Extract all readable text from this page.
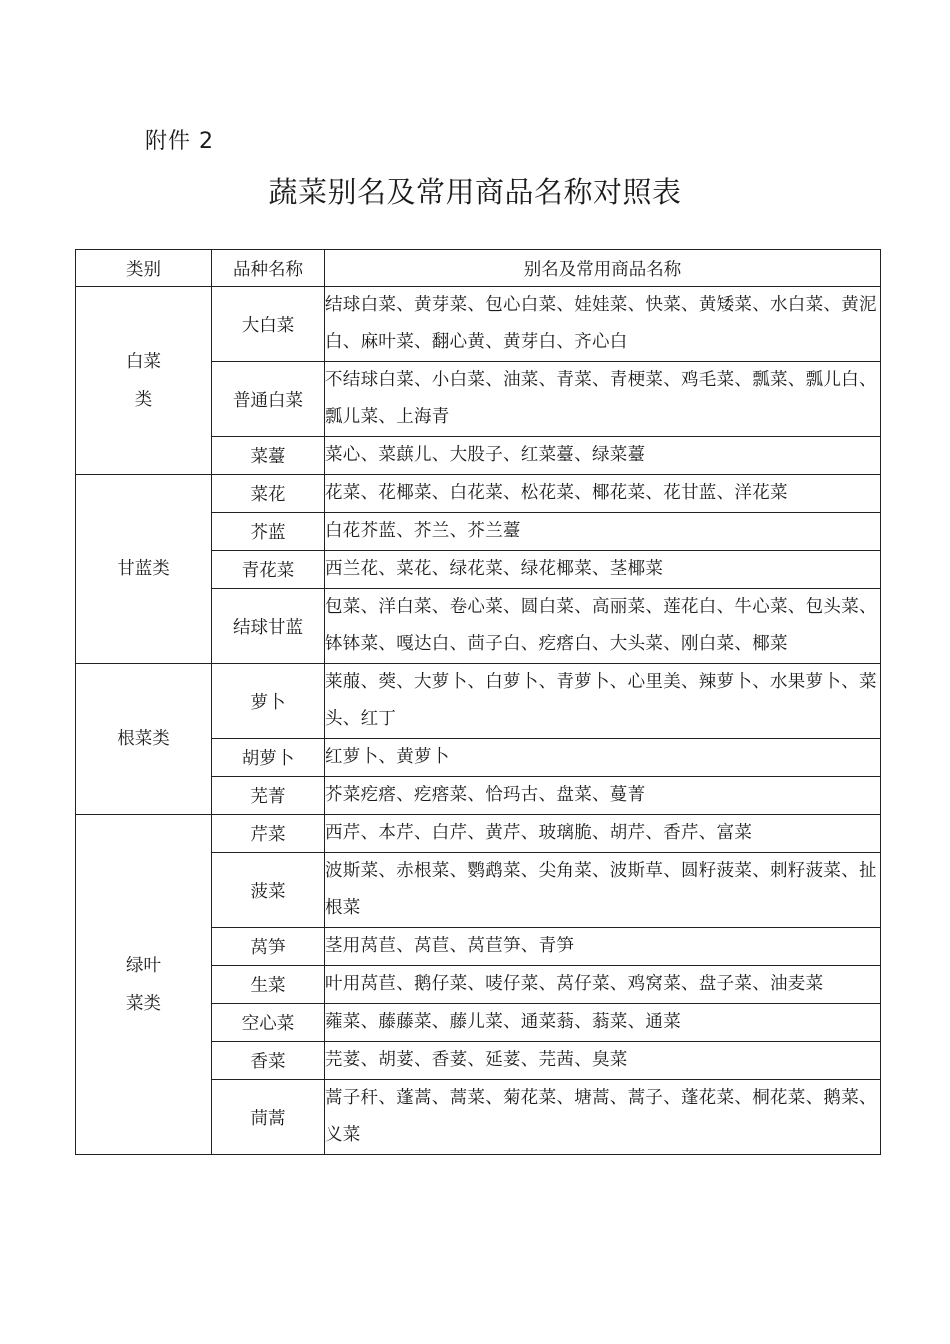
附件 2
蔬菜别名及常用商品名称对照表
类别	品种名称	别名及常用商品名称
白菜类	大白菜	结球白菜、黄芽菜、包心白菜、娃娃菜、快菜、黄矮菜、水白菜、黄泥白、麻叶菜、翻心黄、黄芽白、齐心白
	普通白菜	不结球白菜、小白菜、油菜、青菜、青梗菜、鸡毛菜、瓢菜、瓢儿白、瓢儿菜、上海青
	菜薹	菜心、菜蕻儿、大股子、红菜薹、绿菜薹
甘蓝类	菜花	花菜、花椰菜、白花菜、松花菜、椰花菜、花甘蓝、洋花菜
	芥蓝	白花芥蓝、芥兰、芥兰薹
	青花菜	西兰花、菜花、绿花菜、绿花椰菜、茎椰菜
	结球甘蓝	包菜、洋白菜、卷心菜、圆白菜、高丽菜、莲花白、牛心菜、包头菜、钵钵菜、嘎达白、茴子白、疙瘩白、大头菜、刚白菜、椰菜
根菜类	萝卜	莱菔、葖、大萝卜、白萝卜、青萝卜、心里美、辣萝卜、水果萝卜、菜头、红丁
	胡萝卜	红萝卜、黄萝卜
	芜菁	芥菜疙瘩、疙瘩菜、恰玛古、盘菜、蔓菁
绿叶菜类	芹菜	西芹、本芹、白芹、黄芹、玻璃脆、胡芹、香芹、富菜
	菠菜	波斯菜、赤根菜、鹦鹉菜、尖角菜、波斯草、圆籽菠菜、刺籽菠菜、扯根菜
	莴笋	茎用莴苣、莴苣、莴苣笋、青笋
	生菜	叶用莴苣、鹅仔菜、唛仔菜、莴仔菜、鸡窝菜、盘子菜、油麦菜
	空心菜	蕹菜、藤藤菜、藤儿菜、通菜蓊、蓊菜、通菜
	香菜	芫荽、胡荽、香荽、延荽、芫茜、臭菜
	茼蒿	蒿子秆、蓬蒿、蒿菜、菊花菜、塘蒿、蒿子、蓬花菜、桐花菜、鹅菜、义菜
